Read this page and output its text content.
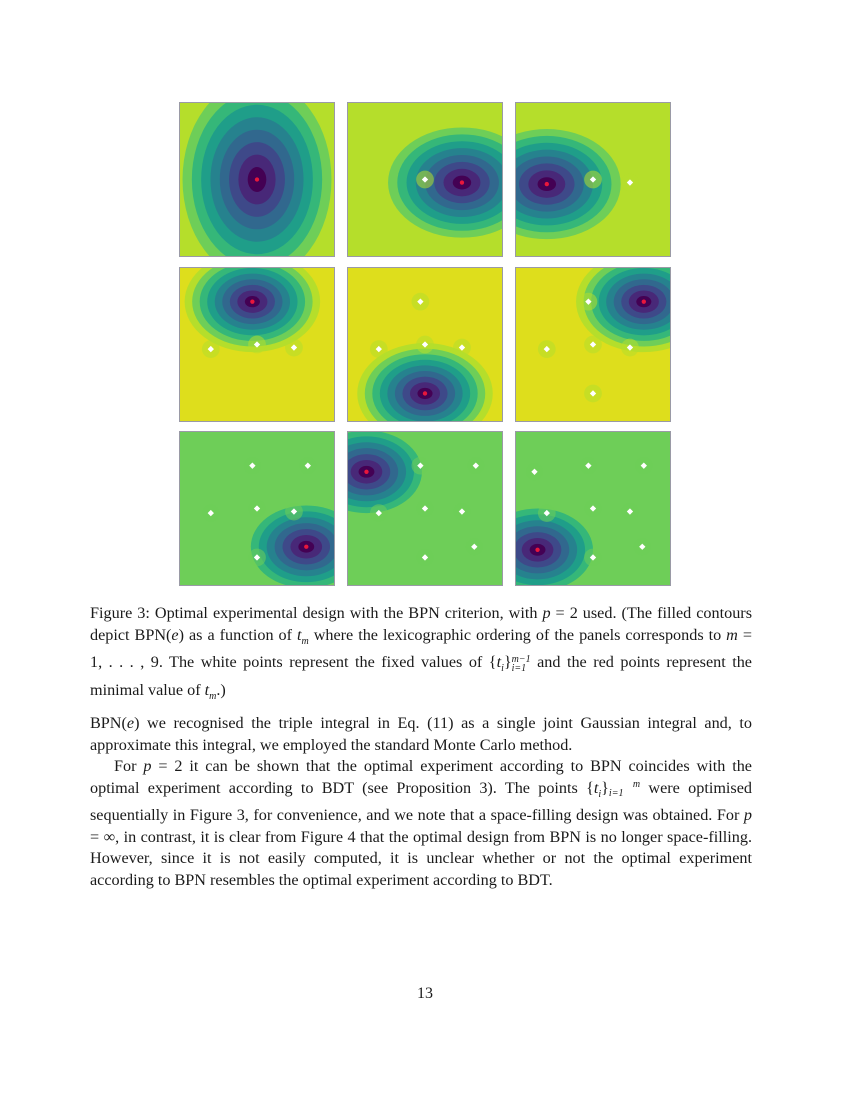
Figure 3: Optimal experimental design with the BPN criterion, with p = 2 used. (The filled contours depict BPN(e) as a function of $t_m$ where the lexicographic ordering of the panels corresponds to m = 1, . . . , 9. The white points represent the fixed values of $\{t_i\}m-1$
i=1 and the red points represent the minimal value of $t_m$.)

BPN(e) we recognised the triple integral in Eq. (11) as a single joint Gaussian integral and, to approximate this integral, we employed the standard Monte Carlo method.

For p = 2 it can be shown that the optimal experiment according to BPN coincides with the optimal experiment according to BDT (see Proposition 3). The points $\{t_i\}$ m
i=1 were optimised sequentially in Figure 3, for convenience, and we note that a space-filling design was obtained. For p = ∞, in contrast, it is clear from Figure 4 that the optimal design from BPN is no longer space-filling. However, since it is not easily computed, it is unclear whether or not the optimal experiment according to BPN resembles the optimal experiment according to BDT.

13
